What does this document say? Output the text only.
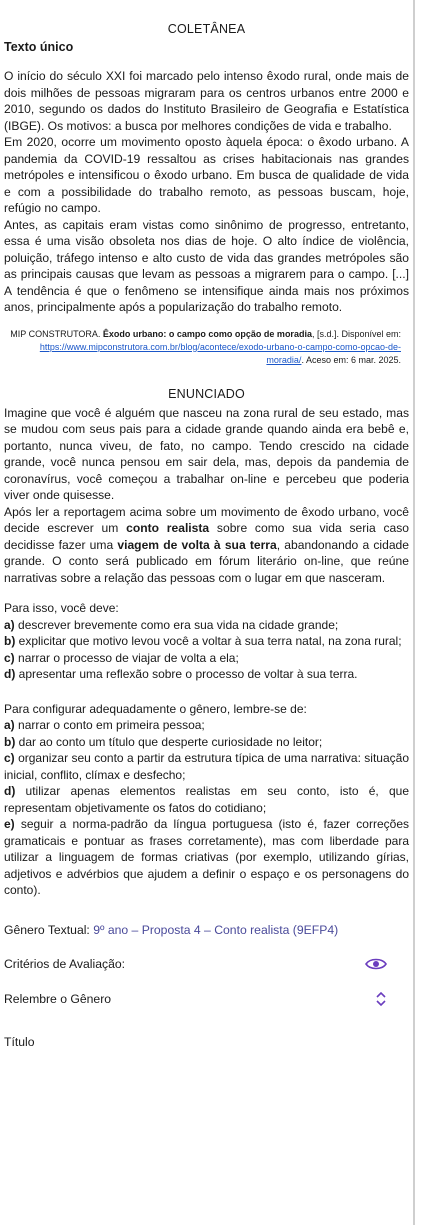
COLETÂNEA
Texto único

O início do século XXI foi marcado pelo intenso êxodo rural, onde mais de dois milhões de pessoas migraram para os centros urbanos entre 2000 e 2010, segundo os dados do Instituto Brasileiro de Geografia e Estatística (IBGE). Os motivos: a busca por melhores condições de vida e trabalho.

Em 2020, ocorre um movimento oposto àquela época: o êxodo urbano. A pandemia da COVID-19 ressaltou as crises habitacionais nas grandes metrópoles e intensificou o êxodo urbano. Em busca de qualidade de vida e com a possibilidade do trabalho remoto, as pessoas buscam, hoje, refúgio no campo.

Antes, as capitais eram vistas como sinônimo de progresso, entretanto, essa é uma visão obsoleta nos dias de hoje. O alto índice de violência, poluição, tráfego intenso e alto custo de vida das grandes metrópoles são as principais causas que levam as pessoas a migrarem para o campo. [...] A tendência é que o fenômeno se intensifique ainda mais nos próximos anos, principalmente após a popularização do trabalho remoto.

MIP CONSTRUTORA. Êxodo urbano: o campo como opção de moradia, [s.d.]. Disponível em:
https://www.mipconstrutora.com.br/blog/acontece/exodo-urbano-o-campo-como-opcao-de-
moradia/. Aceso em: 6 mar. 2025.
ENUNCIADO

Imagine que você é alguém que nasceu na zona rural de seu estado, mas se mudou com seus pais para a cidade grande quando ainda era bebê e, portanto, nunca viveu, de fato, no campo. Tendo crescido na cidade grande, você nunca pensou em sair dela, mas, depois da pandemia de coronavírus, você começou a trabalhar on-line e percebeu que poderia viver onde quisesse.

Após ler a reportagem acima sobre um movimento de êxodo urbano, você decide escrever um conto realista sobre como sua vida seria caso decidisse fazer uma viagem de volta à sua terra, abandonando a cidade grande. O conto será publicado em fórum literário on-line, que reúne narrativas sobre a relação das pessoas com o lugar em que nasceram.

Para isso, você deve:
a) descrever brevemente como era sua vida na cidade grande;
b) explicitar que motivo levou você a voltar à sua terra natal, na zona rural;
c) narrar o processo de viajar de volta a ela;
d) apresentar uma reflexão sobre o processo de voltar à sua terra.
Para configurar adequadamente o gênero, lembre-se de:
a) narrar o conto em primeira pessoa;
b) dar ao conto um título que desperte curiosidade no leitor;
c) organizar seu conto a partir da estrutura típica de uma narrativa: situação inicial, conflito, clímax e desfecho;
d) utilizar apenas elementos realistas em seu conto, isto é, que representam objetivamente os fatos do cotidiano;
e) seguir a norma-padrão da língua portuguesa (isto é, fazer correções gramaticais e pontuar as frases corretamente), mas com liberdade para utilizar a linguagem de formas criativas (por exemplo, utilizando gírias, adjetivos e advérbios que ajudem a definir o espaço e os personagens do conto).
Gênero Textual: 9º ano – Proposta 4 – Conto realista (9EFP4)
Critérios de Avaliação:
Relembre o Gênero
Título
